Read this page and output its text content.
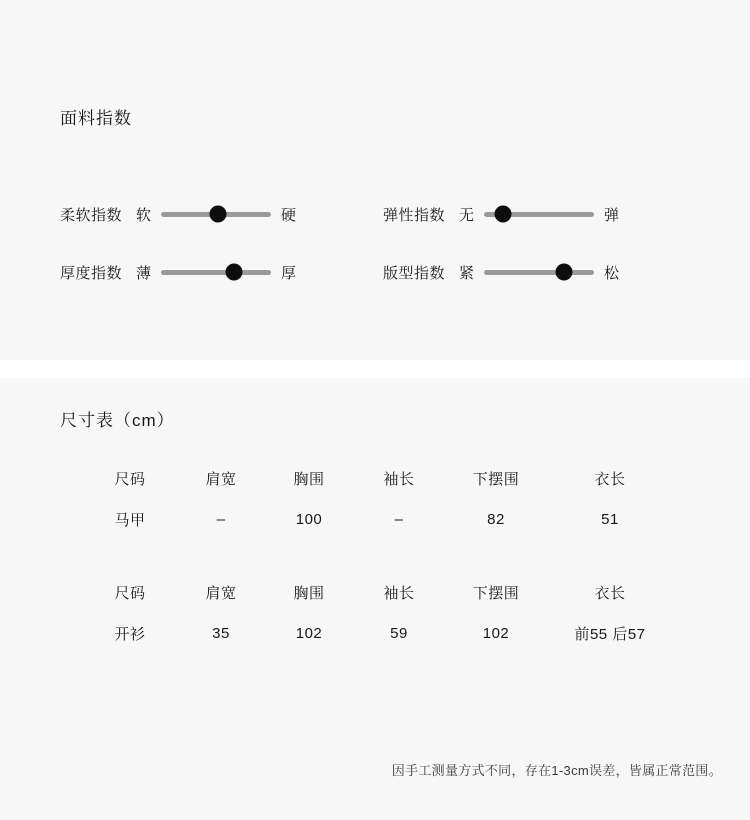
面料指数
柔软指数 软	硬	弹性指数 无	弹
厚度指数 薄	厚	版型指数 紧	松
尺寸表（cm）
尺码	肩宽	胸围	袖长	下摆围	衣长
马甲	–	100	–	82	51
尺码	肩宽	胸围	袖长	下摆围	衣长
开衫	35	102	59	102	前55 后57
因手工测量方式不同，存在1-3cm误差，皆属正常范围。
